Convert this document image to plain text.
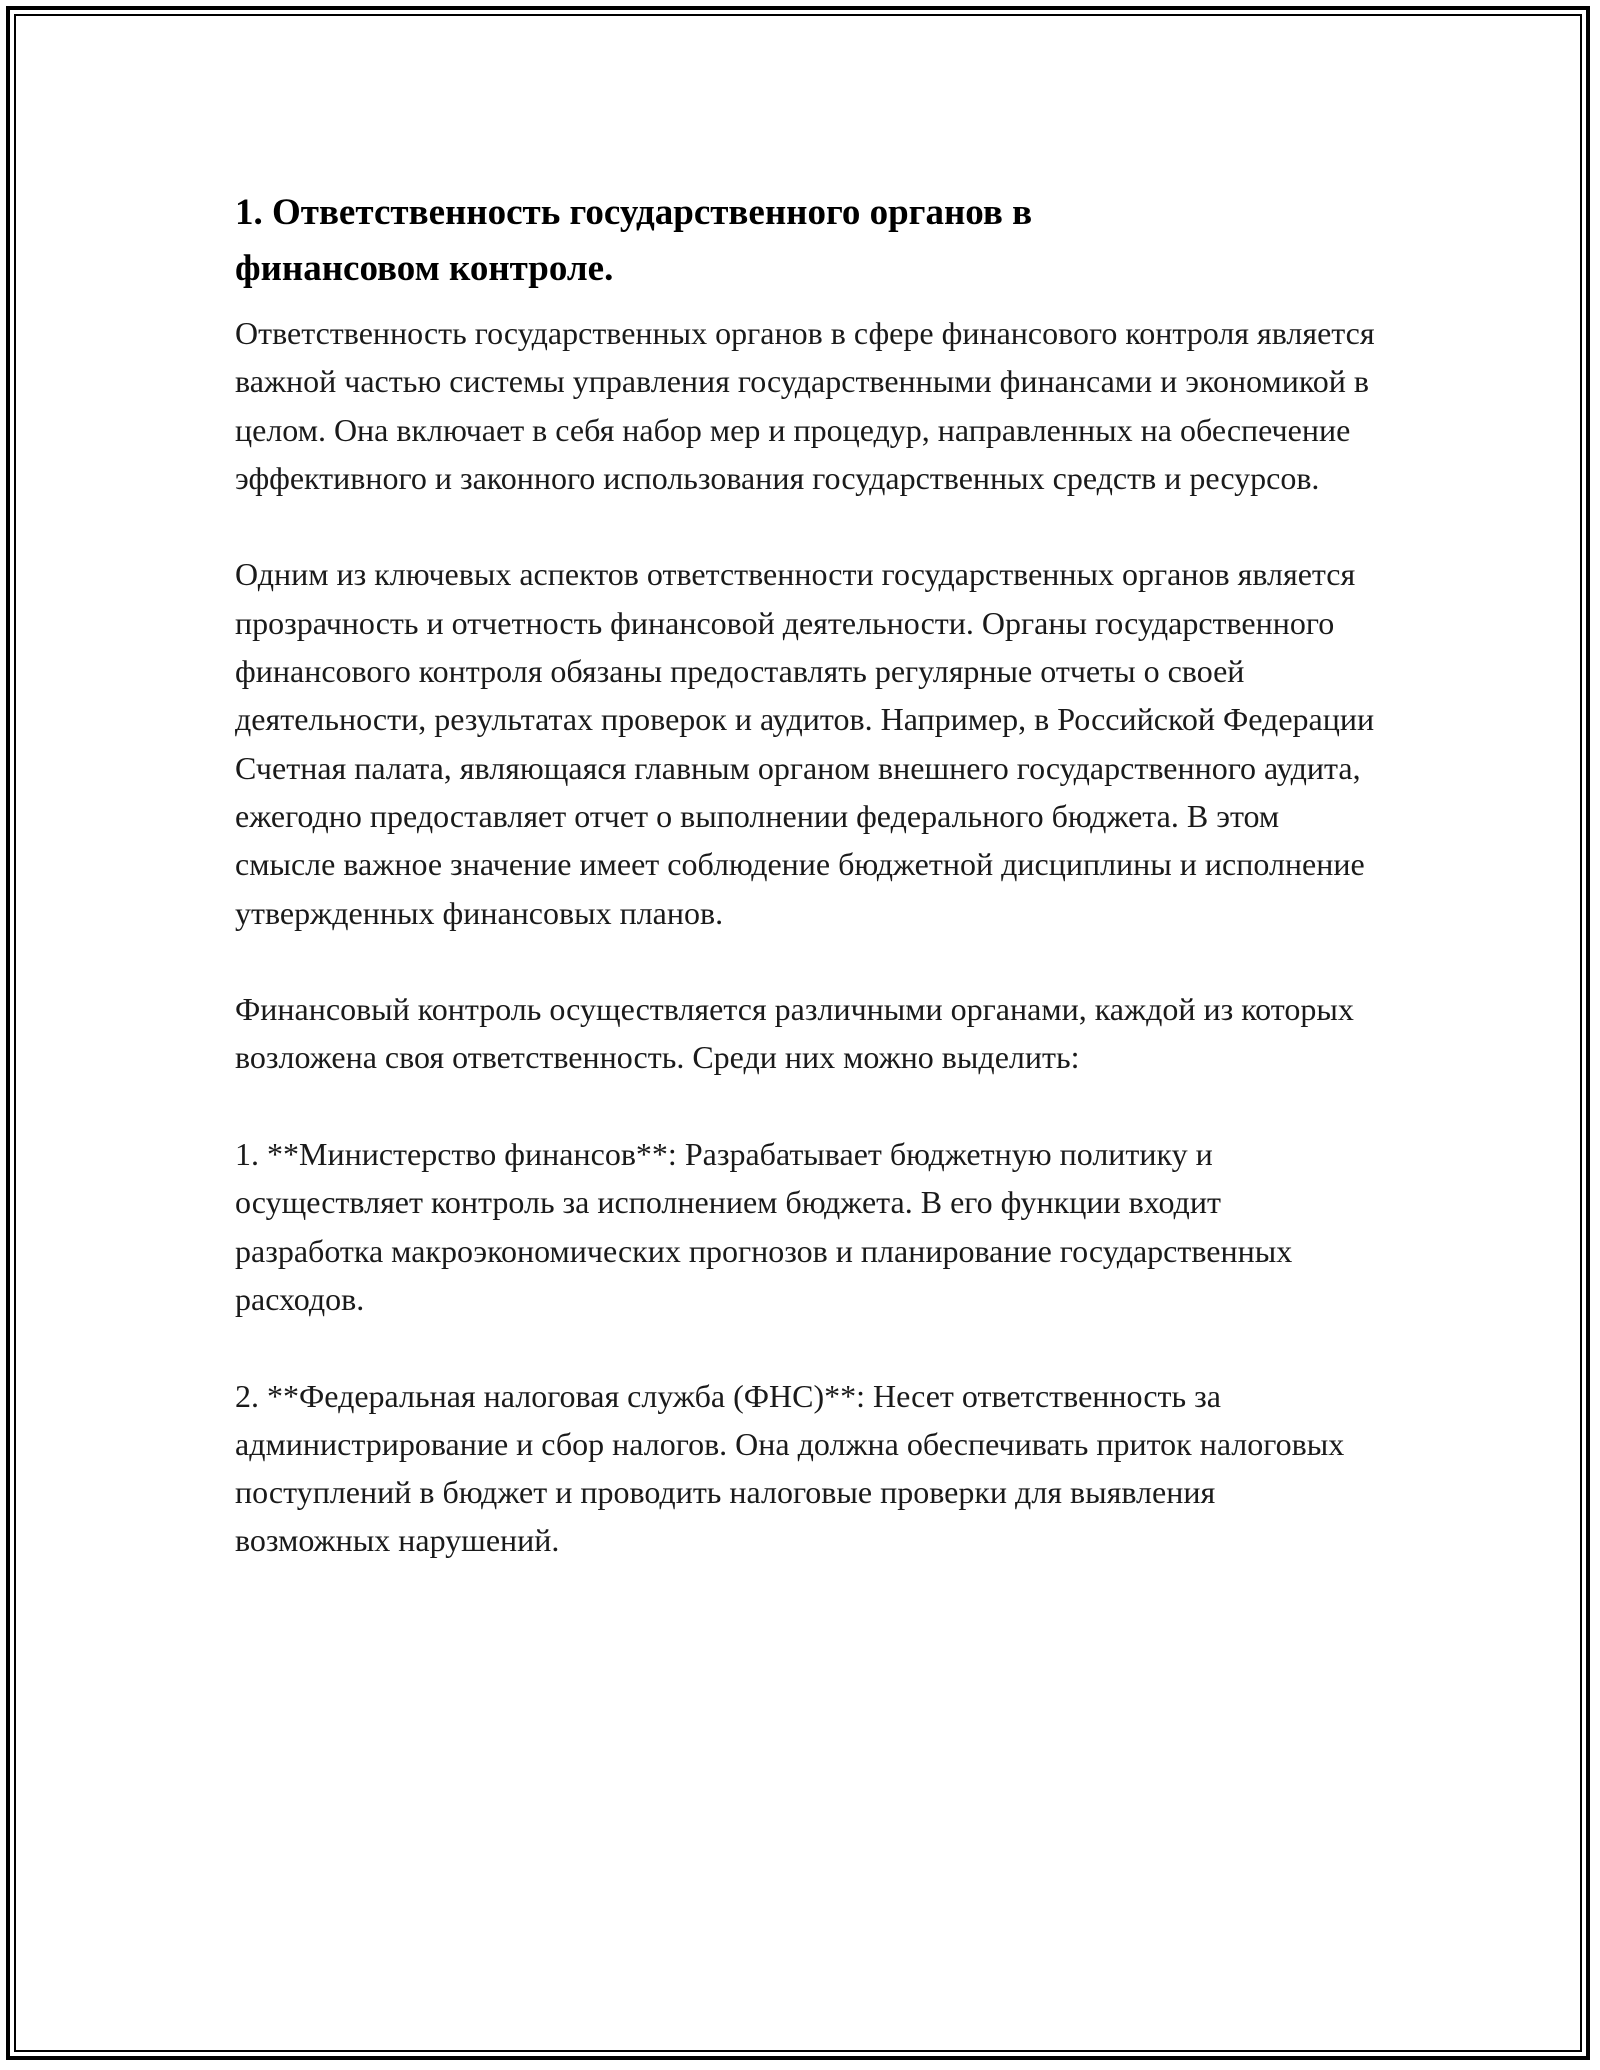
1. Ответственность государственного органов в финансовом контроле.

Ответственность государственных органов в сфере финансового контроля является важной частью системы управления государственными финансами и экономикой в целом. Она включает в себя набор мер и процедур, направленных на обеспечение эффективного и законного использования государственных средств и ресурсов.

Одним из ключевых аспектов ответственности государственных органов является прозрачность и отчетность финансовой деятельности. Органы государственного финансового контроля обязаны предоставлять регулярные отчеты о своей деятельности, результатах проверок и аудитов. Например, в Российской Федерации Счетная палата, являющаяся главным органом внешнего государственного аудита, ежегодно предоставляет отчет о выполнении федерального бюджета. В этом смысле важное значение имеет соблюдение бюджетной дисциплины и исполнение утвержденных финансовых планов.

Финансовый контроль осуществляется различными органами, каждой из которых возложена своя ответственность. Среди них можно выделить:

1. **Министерство финансов**: Разрабатывает бюджетную политику и осуществляет контроль за исполнением бюджета. В его функции входит разработка макроэкономических прогнозов и планирование государственных расходов.

2. **Федеральная налоговая служба (ФНС)**: Несет ответственность за администрирование и сбор налогов. Она должна обеспечивать приток налоговых поступлений в бюджет и проводить налоговые проверки для выявления возможных нарушений.
